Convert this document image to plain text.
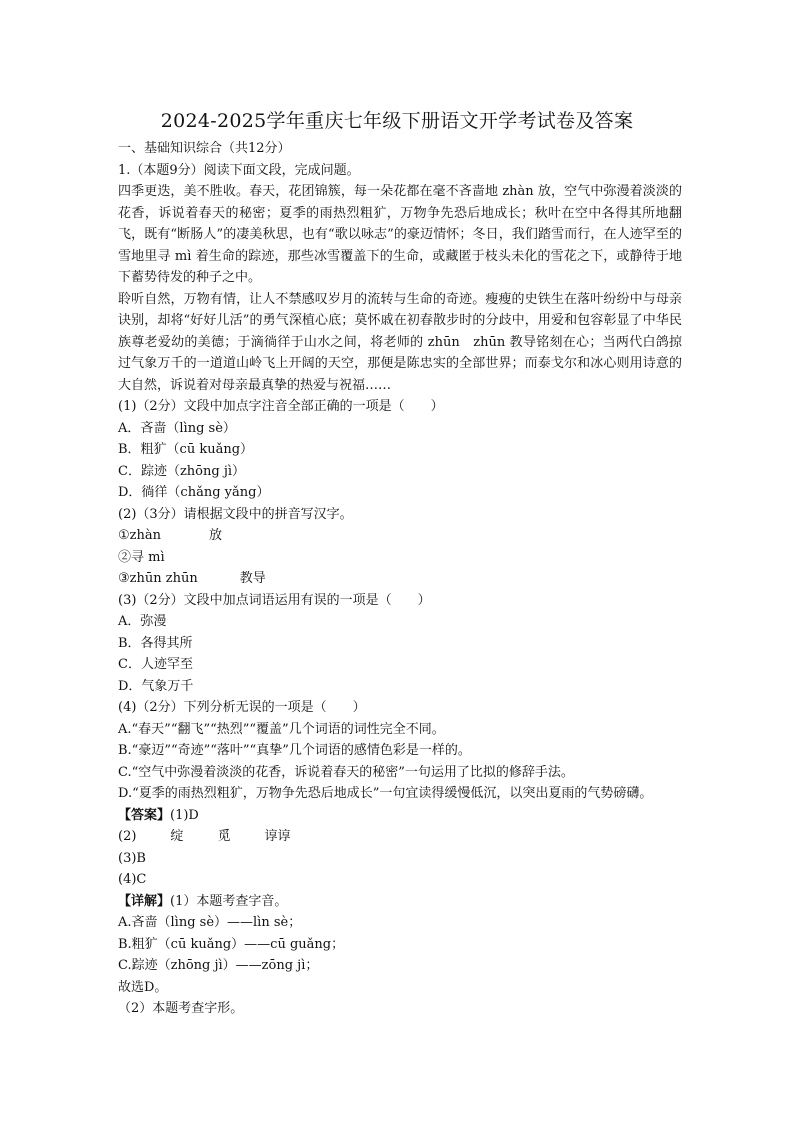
2024-2025学年重庆七年级下册语文开学考试卷及答案

一、基础知识综合（共12分）

1.（本题9分）阅读下面文段，完成问题。

四季更迭，美不胜收。春天，花团锦簇，每一朵花都在毫不吝啬地 zhàn 放，空气中弥漫着淡淡的花香，诉说着春天的秘密；夏季的雨热烈粗犷，万物争先恐后地成长；秋叶在空中各得其所地翻飞，既有“断肠人”的凄美秋思，也有“歌以咏志”的豪迈情怀；冬日，我们踏雪而行，在人迹罕至的雪地里寻 mì 着生命的踪迹，那些冰雪覆盖下的生命，或藏匿于枝头未化的雪花之下，或静待于地下蓄势待发的种子之中。

聆听自然，万物有情，让人不禁感叹岁月的流转与生命的奇迹。瘦瘦的史铁生在落叶纷纷中与母亲诀别，却将“好好儿活”的勇气深植心底；莫怀戚在初春散步时的分歧中，用爱和包容彰显了中华民族尊老爱幼的美德；于滴徜徉于山水之间，将老师的 zhūn　zhūn 教导铭刻在心；当两代白鸽掠过气象万千的一道道山岭飞上开阔的天空，那便是陈忠实的全部世界；而泰戈尔和冰心则用诗意的大自然，诉说着对母亲最真挚的热爱与祝福……

(1)（2分）文段中加点字注音全部正确的一项是（　　）

A．吝啬（lìng sè）

B．粗犷（cū kuǎng）

C．踪迹（zhōng jì）

D．徜徉（chǎng yǎng）

(2)（3分）请根据文段中的拼音写汉字。

①zhàn	放

②寻 mì

③zhūn zhūn	教导

(3)（2分）文段中加点词语运用有误的一项是（　　）

A．弥漫

B．各得其所

C．人迹罕至

D．气象万千

(4)（2分）下列分析无误的一项是（　　）

A.“春天”“翻飞”“热烈”“覆盖”几个词语的词性完全不同。

B.“豪迈”“奇迹”“落叶”“真挚”几个词语的感情色彩是一样的。

C.“空气中弥漫着淡淡的花香，诉说着春天的秘密”一句运用了比拟的修辞手法。

D.“夏季的雨热烈粗犷，万物争先恐后地成长”一句宜读得缓慢低沉，以突出夏雨的气势磅礴。

【答案】(1)D

(2)	绽	觅	谆谆

(3)B

(4)C

【详解】(1）本题考查字音。

A.吝啬（lìng sè）——lìn sè；

B.粗犷（cū kuǎng）——cū guǎng；

C.踪迹（zhōng jì）——zōng jì；

故选D。

（2）本题考查字形。
